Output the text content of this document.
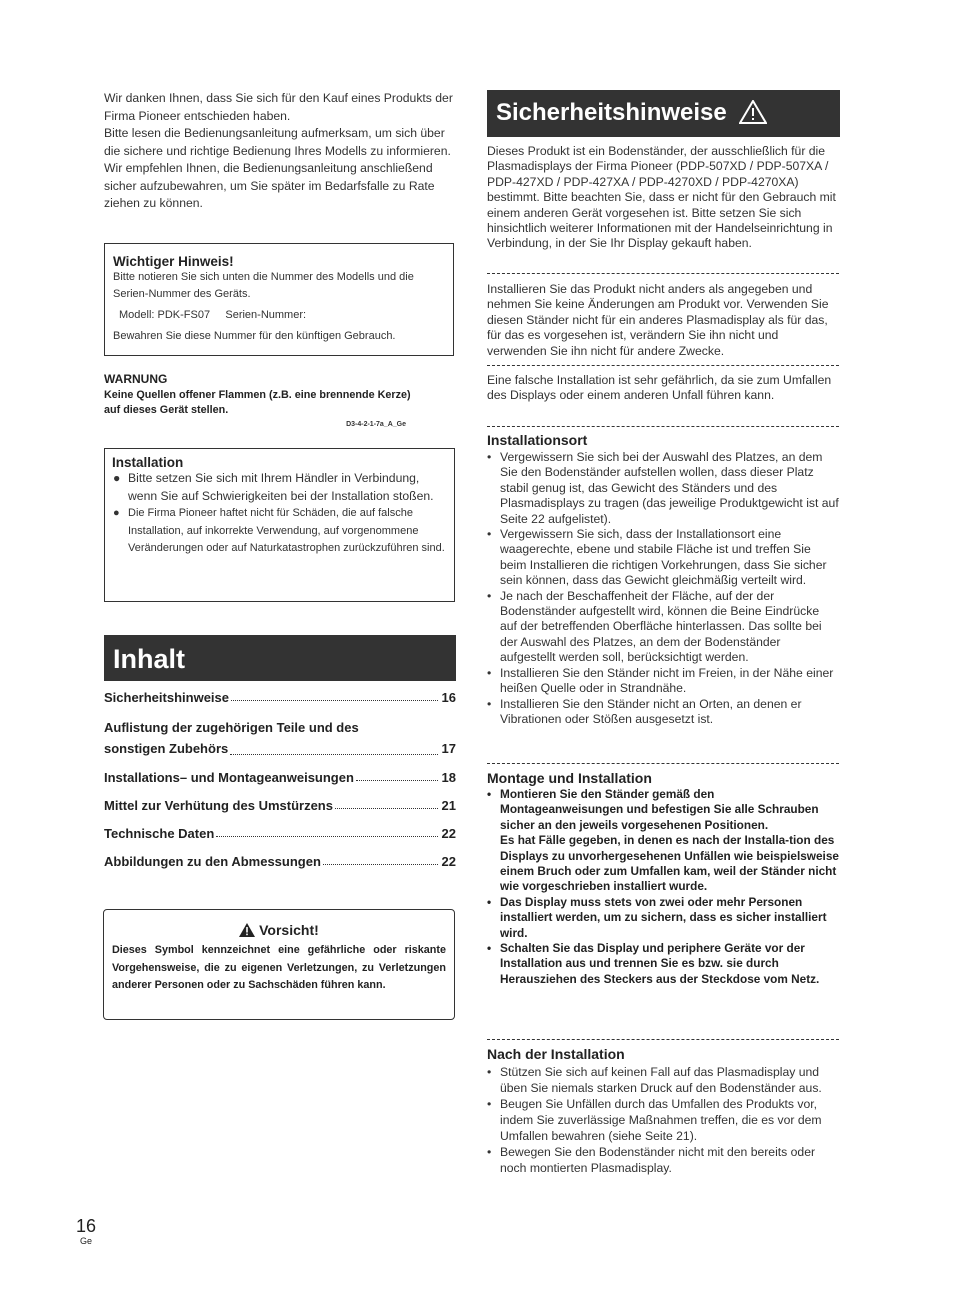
Wir danken Ihnen, dass Sie sich für den Kauf eines Produkts der Firma Pioneer entschieden haben.

Bitte lesen die Bedienungsanleitung aufmerksam, um sich über die sichere und richtige Bedienung Ihres Modells zu informieren.

Wir empfehlen Ihnen, die Bedienungsanleitung anschließend sicher aufzubewahren, um Sie später im Bedarfsfalle zu Rate ziehen zu können.

Wichtiger Hinweis!

Bitte notieren Sie sich unten die Nummer des Modells und die Serien-Nummer des Geräts.

Modell: PDK-FS07     Serien-Nummer:

Bewahren Sie diese Nummer für den künftigen Gebrauch.

WARNUNG

Keine Quellen offener Flammen (z.B. eine brennende Kerze) auf dieses Gerät stellen.

D3-4-2-1-7a_A_Ge
Installation

● Bitte setzen Sie sich mit Ihrem Händler in Verbindung, wenn Sie auf Schwierigkeiten bei der Installation stoßen.

● Die Firma Pioneer haftet nicht für Schäden, die auf falsche Installation, auf inkorrekte Verwendung, auf vorgenommene Veränderungen oder auf Naturkatastrophen zurückzuführen sind.

Inhalt
Sicherheitshinweise	16
Auflistung der zugehörigen Teile und des
sonstigen Zubehörs	17
Installations– und Montageanweisungen	18
Mittel zur Verhütung des Umstürzens	21
Technische Daten	22
Abbildungen zu den Abmessungen	22

Vorsicht!

Dieses Symbol kennzeichnet eine gefährliche oder riskante Vorgehensweise, die zu eigenen Verletzungen, zu Verletzungen anderer Personen oder zu Sachschäden führen kann.

Sicherheitshinweise
Dieses Produkt ist ein Bodenständer, der ausschließlich für die Plasmadisplays der Firma Pioneer (PDP-507XD / PDP-507XA / PDP-427XD / PDP-427XA / PDP-4270XD / PDP-4270XA) bestimmt. Bitte beachten Sie, dass er nicht für den Gebrauch mit einem anderen Gerät vorgesehen ist. Bitte setzen Sie sich hinsichtlich weiterer Informationen mit der Handelseinrichtung in Verbindung, in der Sie Ihr Display gekauft haben.
Installieren Sie das Produkt nicht anders als angegeben und nehmen Sie keine Änderungen am Produkt vor. Verwenden Sie diesen Ständer nicht für ein anderes Plasmadisplay als für das, für das es vorgesehen ist, verändern Sie ihn nicht und verwenden Sie ihn nicht für andere Zwecke.
Eine falsche Installation ist sehr gefährlich, da sie zum Umfallen des Displays oder einem anderen Unfall führen kann.
Installationsort

• Vergewissern Sie sich bei der Auswahl des Platzes, an dem Sie den Bodenständer aufstellen wollen, dass dieser Platz stabil genug ist, das Gewicht des Ständers und des Plasmadisplays zu tragen (das jeweilige Produktgewicht ist auf Seite 22 aufgelistet).

• Vergewissern Sie sich, dass der Installationsort eine waagerechte, ebene und stabile Fläche ist und treffen Sie beim Installieren die richtigen Vorkehrungen, dass Sie sicher sein können, dass das Gewicht gleichmäßig verteilt wird.

• Je nach der Beschaffenheit der Fläche, auf der der Bodenständer aufgestellt wird, können die Beine Eindrücke auf der betreffenden Oberfläche hinterlassen. Das sollte bei der Auswahl des Platzes, an dem der Bodenständer aufgestellt werden soll, berücksichtigt werden.

• Installieren Sie den Ständer nicht im Freien, in der Nähe einer heißen Quelle oder in Strandnähe.

• Installieren Sie den Ständer nicht an Orten, an denen er Vibrationen oder Stößen ausgesetzt ist.

Montage und Installation

• Montieren Sie den Ständer gemäß den Montageanweisungen und befestigen Sie alle Schrauben sicher an den jeweils vorgesehenen Positionen.

Es hat Fälle gegeben, in denen es nach der Installa-tion des Displays zu unvorhergesehenen Unfällen wie beispielsweise einem Bruch oder zum Umfallen kam, weil der Ständer nicht wie vorgeschrieben installiert wurde.

• Das Display muss stets von zwei oder mehr Personen installiert werden, um zu sichern, dass es sicher installiert wird.

• Schalten Sie das Display und periphere Geräte vor der Installation aus und trennen Sie es bzw. sie durch Herausziehen des Steckers aus der Steckdose vom Netz.

Nach der Installation

• Stützen Sie sich auf keinen Fall auf das Plasmadisplay und üben Sie niemals starken Druck auf den Bodenständer aus.

• Beugen Sie Unfällen durch das Umfallen des Produkts vor, indem Sie zuverlässige Maßnahmen treffen, die es vor dem Umfallen bewahren (siehe Seite 21).

• Bewegen Sie den Bodenständer nicht mit den bereits oder noch montierten Plasmadisplay.

16
Ge
